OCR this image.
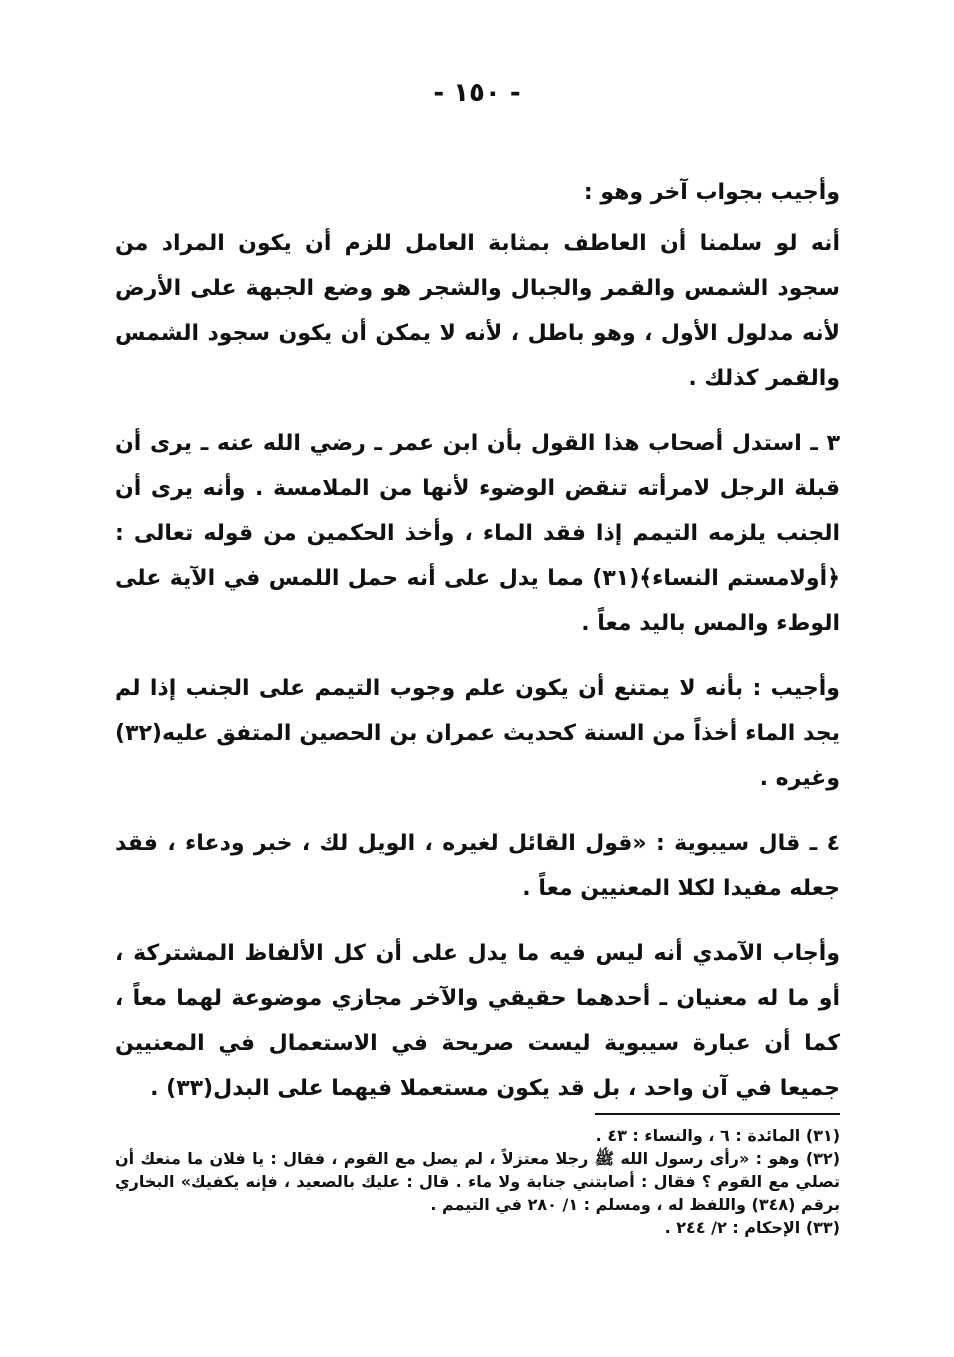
- ١٥٠ -

وأجيب بجواب آخر وهو :

أنه لو سلمنا أن العاطف بمثابة العامل للزم أن يكون المراد من سجود الشمس والقمر والجبال والشجر هو وضع الجبهة على الأرض لأنه مدلول الأول ، وهو باطل ، لأنه لا يمكن أن يكون سجود الشمس والقمر كذلك .

٣ ـ استدل أصحاب هذا القول بأن ابن عمر ـ رضي الله عنه ـ يرى أن قبلة الرجل لامرأته تنقض الوضوء لأنها من الملامسة . وأنه يرى أن الجنب يلزمه التيمم إذا فقد الماء ، وأخذ الحكمين من قوله تعالى : ﴿أولامستم النساء﴾(٣١) مما يدل على أنه حمل اللمس في الآية على الوطء والمس باليد معاً .

وأجيب : بأنه لا يمتنع أن يكون علم وجوب التيمم على الجنب إذا لم يجد الماء أخذاً من السنة كحديث عمران بن الحصين المتفق عليه(٣٢) وغيره .

٤ ـ قال سيبوية : «قول القائل لغيره ، الويل لك ، خبر ودعاء ، فقد جعله مفيدا لكلا المعنيين معاً .

وأجاب الآمدي أنه ليس فيه ما يدل على أن كل الألفاظ المشتركة ، أو ما له معنيان ـ أحدهما حقيقي والآخر مجازي موضوعة لهما معاً ، كما أن عبارة سيبوية ليست صريحة في الاستعمال في المعنيين جميعا في آن واحد ، بل قد يكون مستعملا فيهما على البدل(٣٣) .

(٣١) المائدة : ٦ ، والنساء : ٤٣ .

(٣٢) وهو : «رأى رسول الله ﷺ رجلا معتزلاً ، لم يصل مع القوم ، فقال : يا فلان ما منعك أن تصلي مع القوم ؟ فقال : أصابتني جنابة ولا ماء . قال : عليك بالصعيد ، فإنه يكفيك» البخاري برقم (٣٤٨) واللفظ له ، ومسلم : ١/ ٢٨٠ في التيمم .

(٣٣) الإحكام : ٢/ ٢٤٤ .
